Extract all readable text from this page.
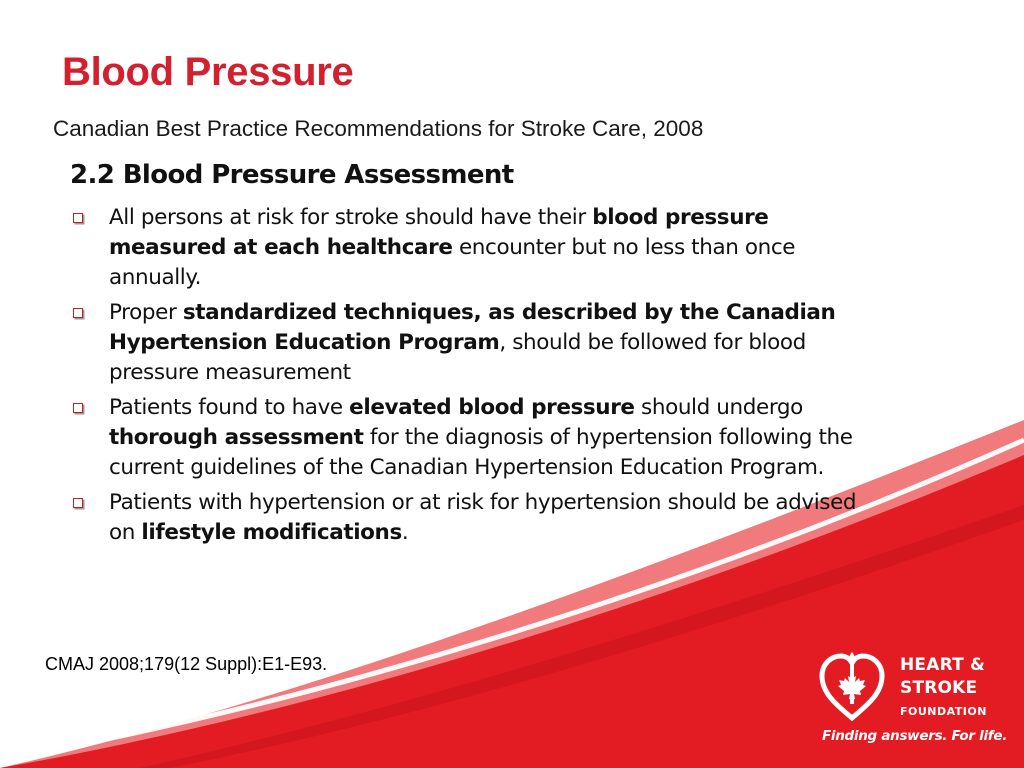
Blood Pressure

Canadian Best Practice Recommendations for Stroke Care, 2008

2.2 Blood Pressure Assessment
All persons at risk for stroke should have their blood pressure measured at each healthcare encounter but no less than once annually.
Proper standardized techniques, as described by the Canadian Hypertension Education Program, should be followed for blood pressure measurement
Patients found to have elevated blood pressure should undergo thorough assessment for the diagnosis of hypertension following the current guidelines of the Canadian Hypertension Education Program.
Patients with hypertension or at risk for hypertension should be advised on lifestyle modifications.

CMAJ 2008;179(12 Suppl):E1-E93.	HEART &
STROKE
FOUNDATION
Finding answers. For life.
